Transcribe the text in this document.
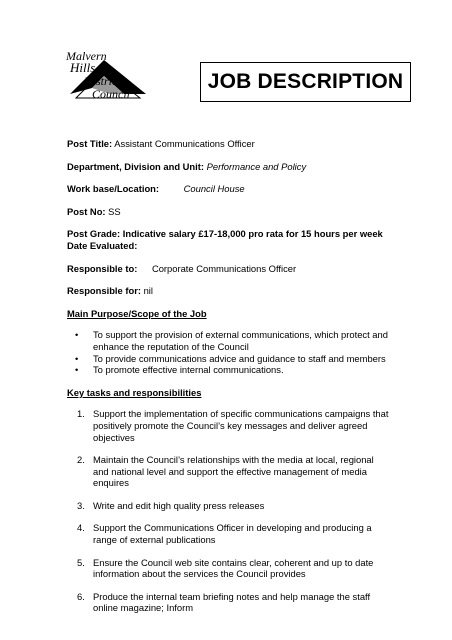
Malvern
Hills
District
Council
JOB DESCRIPTION
Post Title: Assistant Communications Officer
Department, Division and Unit: Performance and Policy
Work base/Location:	Council House
Post No: SS
Post Grade: Indicative salary £17-18,000 pro rata for 15 hours per week
Date Evaluated:
Responsible to: Corporate Communications Officer
Responsible for: nil
Main Purpose/Scope of the Job
• To support the provision of external communications, which protect and enhance the reputation of the Council
• To provide communications advice and guidance to staff and members
• To promote effective internal communications.
Key tasks and responsibilities
1. Support the implementation of specific communications campaigns that
positively promote the Council’s key messages and deliver agreed
objectives
2. Maintain the Council’s relationships with the media at local, regional
and national level and support the effective management of media
enquires
3. Write and edit high quality press releases
4. Support the Communications Officer in developing and producing a
range of external publications
5. Ensure the Council web site contains clear, coherent and up to date
information about the services the Council provides
6. Produce the internal team briefing notes and help manage the staff
online magazine; Inform
